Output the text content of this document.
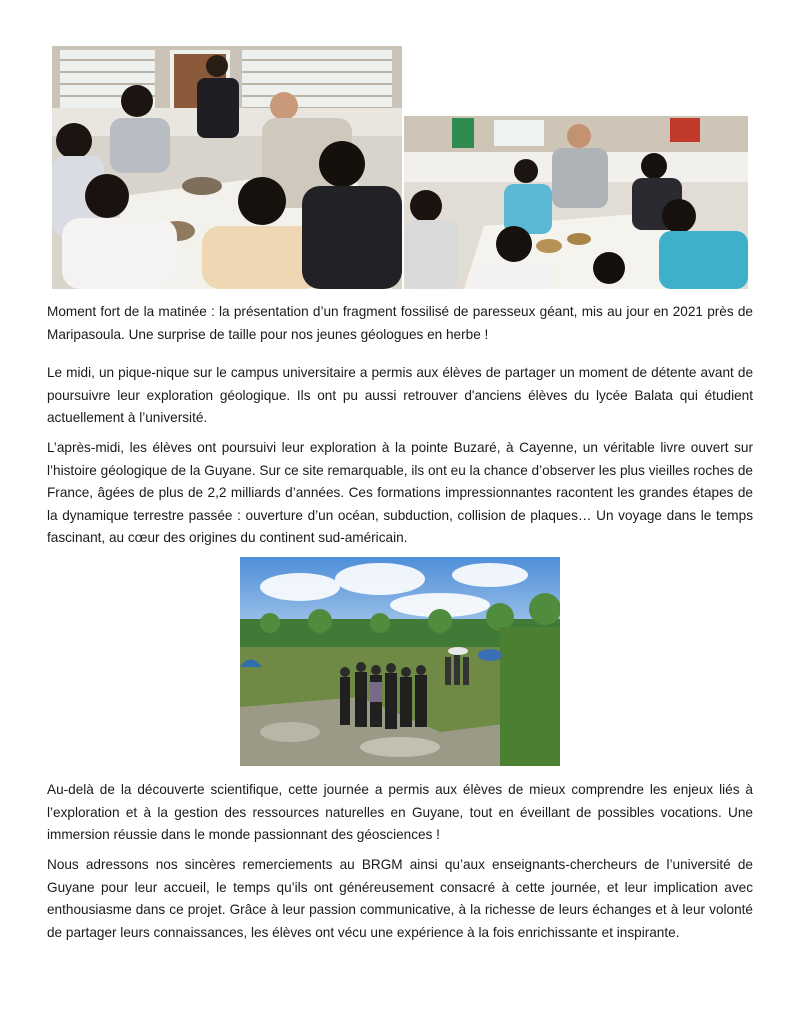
Moment fort de la matinée : la présentation d’un fragment fossilisé de paresseux géant, mis au jour en 2021 près de Maripasoula. Une surprise de taille pour nos jeunes géologues en herbe !

Le midi, un pique-nique sur le campus universitaire a permis aux élèves de partager un moment de détente avant de poursuivre leur exploration géologique. Ils ont pu aussi retrouver d'anciens élèves du lycée Balata qui étudient actuellement à l’université.

L’après-midi, les élèves ont poursuivi leur exploration à la pointe Buzaré, à Cayenne, un véritable livre ouvert sur l’histoire géologique de la Guyane. Sur ce site remarquable, ils ont eu la chance d’observer les plus vieilles roches de France, âgées de plus de 2,2 milliards d’années. Ces formations impressionnantes racontent les grandes étapes de la dynamique terrestre passée : ouverture d’un océan, subduction, collision de plaques… Un voyage dans le temps fascinant, au cœur des origines du continent sud-américain.

Au-delà de la découverte scientifique, cette journée a permis aux élèves de mieux comprendre les enjeux liés à l’exploration et à la gestion des ressources naturelles en Guyane, tout en éveillant de possibles vocations. Une immersion réussie dans le monde passionnant des géosciences !

Nous adressons nos sincères remerciements au BRGM ainsi qu’aux enseignants-chercheurs de l’université de Guyane pour leur accueil, le temps qu’ils ont généreusement consacré à cette journée, et leur implication avec enthousiasme dans ce projet. Grâce à leur passion communicative, à la richesse de leurs échanges et à leur volonté de partager leurs connaissances, les élèves ont vécu une expérience à la fois enrichissante et inspirante.
